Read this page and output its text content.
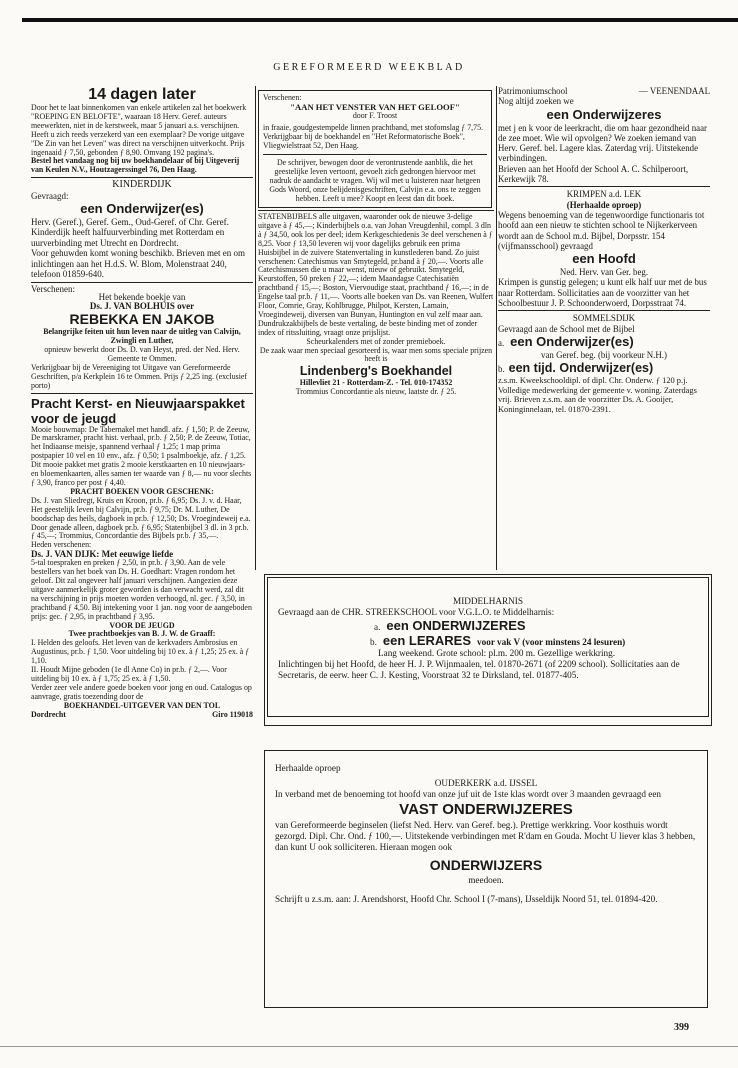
GEREFORMEERD WEEKBLAD
14 dagen later

Door het te laat binnenkomen van enkele artikelen zal het boekwerk "ROEPING EN BELOFTE", waaraan 18 Herv. Geref. auteurs meewerkten, niet in de kerstweek, maar 5 januari a.s. verschijnen. Heeft u zich reeds verzekerd van een exemplaar? De vorige uitgave "De Zin van het Leven" was direct na verschijnen uitverkocht. Prijs ingenaaid ƒ 7,50, gebonden ƒ 8,90. Omvang 192 pagina's.

Bestel het vandaag nog bij uw boekhandelaar of bij Uitgeverij van Keulen N.V., Houtzagerssingel 76, Den Haag.

KINDERDIJK

Gevraagd:

een Onderwijzer(es)

Herv. (Geref.), Geref. Gem., Oud-Geref. of Chr. Geref. Kinderdijk heeft halfuurverbinding met Rotterdam en uurverbinding met Utrecht en Dordrecht.

Voor gehuwden komt woning beschikb. Brieven met en om inlichtingen aan het H.d.S. W. Blom, Molenstraat 240, telefoon 01859-640.

Verschenen:

Het bekende boekje van

Ds. J. VAN BOLHUIS over

REBEKKA EN JAKOB

Belangrijke feiten uit hun leven naar de uitleg van Calvijn, Zwingli en Luther,

opnieuw bewerkt door Ds. D. van Heyst, pred. der Ned. Herv. Gemeente te Ommen.

Verkrijgbaar bij de Vereeniging tot Uitgave van Gereformeerde Geschriften, p/a Kerkplein 16 te Ommen. Prijs ƒ 2,25 ing. (exclusief porto)

Pracht Kerst- en Nieuwjaarspakket voor de jeugd

Mooie bouwmap: De Tabernakel met handl. afz. ƒ 1,50; P. de Zeeuw, De marskramer, pracht hist. verhaal, pr.b. ƒ 2,50; P. de Zeeuw, Totiac, het Indiaanse meisje, spannend verhaal ƒ 1,25; 1 map prima postpapier 10 vel en 10 env., afz. ƒ 0,50; 1 psalmboekje, afz. ƒ 1,25. Dit mooie pakket met gratis 2 mooie kerstkaarten en 10 nieuwjaars- en bloemenkaarten, alles samen ter waarde van ƒ 8,— nu voor slechts ƒ 3,90, franco per post ƒ 4,40.

PRACHT BOEKEN VOOR GESCHENK:

Ds. J. van Sliedregt, Kruis en Kroon, pr.b. ƒ 6,95; Ds. J. v. d. Haar, Het geestelijk leven bij Calvijn, pr.b. ƒ 9,75; Dr. M. Luther, De boodschap des heils, dagboek in pr.b. ƒ 12,50; Ds. Vroegindeweij e.a. Door genade alleen, dagboek pr.b. ƒ 6,95; Statenbijbel 3 dl. in 3 pr.b. ƒ 45,—; Trommius, Concordantie des Bijbels pr.b. ƒ 35,—.

Heden verschenen:

Ds. J. VAN DIJK: Met eeuwige liefde

5-tal toespraken en preken ƒ 2,50, in pr.b. ƒ 3,90. Aan de vele bestellers van het boek van Ds. H. Goedhart: Vragen rondom het geloof. Dit zal ongeveer half januari verschijnen. Aangezien deze uitgave aanmerkelijk groter geworden is dan verwacht werd, zal dit na verschijning in prijs moeten worden verhoogd, nl. gec. ƒ 3,50, in prachtband ƒ 4,50. Bij intekening voor 1 jan. nog voor de aangeboden prijs: gec. ƒ 2,95, in prachtband ƒ 3,95.

VOOR DE JEUGD

Twee prachtboekjes van B. J. W. de Graaff:

I. Helden des geloofs. Het leven van de kerkvaders Ambrosius en Augustinus, pr.b. ƒ 1,50. Voor uitdeling bij 10 ex. à ƒ 1,25; 25 ex. à ƒ 1,10.

II. Houdt Mijne geboden (1e dl Anne Co) in pr.b. ƒ 2,—. Voor uitdeling bij 10 ex. à ƒ 1,75; 25 ex. à ƒ 1,50.

Verder zeer vele andere goede boeken voor jong en oud. Catalogus op aanvrage, gratis toezending door de

BOEKHANDEL-UITGEVER VAN DEN TOL

Dordrecht	Giro 119018

Verschenen:

"AAN HET VENSTER VAN HET GELOOF"

door F. Troost

in fraaie, goudgestempelde linnen prachtband, met stofomslag ƒ 7,75. Verkrijgbaar bij de boekhandel en "Het Reformatorische Boek", Vliegwielstraat 52, Den Haag.

De schrijver, bewogen door de verontrustende aanblik, die het geestelijke leven vertoont, gevoelt zich gedrongen hiervoor met nadruk de aandacht te vragen. Wij wil met u luisteren naar hetgeen Gods Woord, onze belijdenisgeschriften, Calvijn e.a. ons te zeggen hebben. Leeft u mee? Koopt en leest dan dit boek.

STATENBIJBELS alle uitgaven, waaronder ook de nieuwe 3-delige uitgave à ƒ 45,—; Kinderbijbels o.a. van Johan Vreugdenhil, compl. 3 dln à ƒ 34,50, ook los per deel; idem Kerkgeschiedenis 3e deel verschenen à ƒ 8,25. Voor ƒ 13,50 leveren wij voor dagelijks gebruik een prima Huisbijbel in de zuivere Statenvertaling in kunstlederen band. Zo juist verschenen: Catechismus van Smytegeld, pr.band à ƒ 20,—. Voorts alle Catechismussen die u maar wenst, nieuw of gebruikt. Smytegeld, Keurstoffen, 50 preken ƒ 22,—; idem Maandagse Catechisatiën prachtband ƒ 15,—; Boston, Viervoudige staat, prachtband ƒ 16,—; in de Engelse taal pr.b. ƒ 11,—. Voorts alle boeken van Ds. van Reenen, Wulfert Floor, Comrie, Gray, Kohlbrugge, Philpot, Kersten, Lamain, Vroegindeweij, diversen van Bunyan, Huntington en vul zelf maar aan. Dundrukzakbijbels de beste vertaling, de beste binding met of zonder index of ritssluiting, vraagt onze prijslijst.

Scheurkalenders met of zonder premieboek.

De zaak waar men speciaal gesorteerd is, waar men soms speciale prijzen heeft is

Lindenberg's Boekhandel

Hillevliet 21 - Rotterdam-Z. - Tel. 010-174352

Trommius Concordantie als nieuw, laatste dr. ƒ 25.

Patrimoniumschool	— VEENENDAAL

Nog altijd zoeken we

een Onderwijzeres

met j en k voor de leerkracht, die om haar gezondheid naar de zee moet. Wie wil opvolgen? We zoeken iemand van Herv. Geref. bel. Lagere klas. Zaterdag vrij. Uitstekende verbindingen.

Brieven aan het Hoofd der School A. C. Schilperoort, Kerkewijk 78.

KRIMPEN a.d. LEK

(Herhaalde oproep)

Wegens benoeming van de tegenwoordige functionaris tot hoofd aan een nieuw te stichten school te Nijkerkerveen wordt aan de School m.d. Bijbel, Dorpsstr. 154 (vijfmansschool) gevraagd

een Hoofd

Ned. Herv. van Ger. beg.

Krimpen is gunstig gelegen; u kunt elk half uur met de bus naar Rotterdam. Sollicitaties aan de voorzitter van het Schoolbestuur J. P. Schoonderwoerd, Dorpsstraat 74.

SOMMELSDIJK

Gevraagd aan de School met de Bijbel

a. een Onderwijzer(es)

van Geref. beg. (bij voorkeur N.H.)

b. een tijd. Onderwijzer(es)

z.s.m. Kweekschooldipl. of dipl. Chr. Onderw. ƒ 120 p.j. Volledige medewerking der gemeente v. woning. Zaterdags vrij. Brieven z.s.m. aan de voorzitter Ds. A. Gooijer, Koninginnelaan, tel. 01870-2391.

MIDDELHARNIS

Gevraagd aan de CHR. STREEKSCHOOL voor V.G.L.O. te Middelharnis:

a. een ONDERWIJZERES
b. een LERARES voor vak V (voor minstens 24 lesuren)

Lang weekend. Grote school: pl.m. 200 m. Gezellige werkkring.

Inlichtingen bij het Hoofd, de heer H. J. P. Wijnmaalen, tel. 01870-2671 (of 2209 school). Sollicitaties aan de Secretaris, de eerw. heer C. J. Kesting, Voorstraat 32 te Dirksland, tel. 01877-405.

Herhaalde oproep

OUDERKERK a.d. IJSSEL

In verband met de benoeming tot hoofd van onze juf uit de 1ste klas wordt over 3 maanden gevraagd een

VAST ONDERWIJZERES

van Gereformeerde beginselen (liefst Ned. Herv. van Geref. beg.). Prettige werkkring. Voor kosthuis wordt gezorgd. Dipl. Chr. Ond. ƒ 100,—. Uitstekende verbindingen met R'dam en Gouda. Mocht U liever klas 3 hebben, dan kunt U ook solliciteren. Hieraan mogen ook

ONDERWIJZERS

meedoen.

Schrijft u z.s.m. aan: J. Arendshorst, Hoofd Chr. School I (7-mans), IJsseldijk Noord 51, tel. 01894-420.

399
